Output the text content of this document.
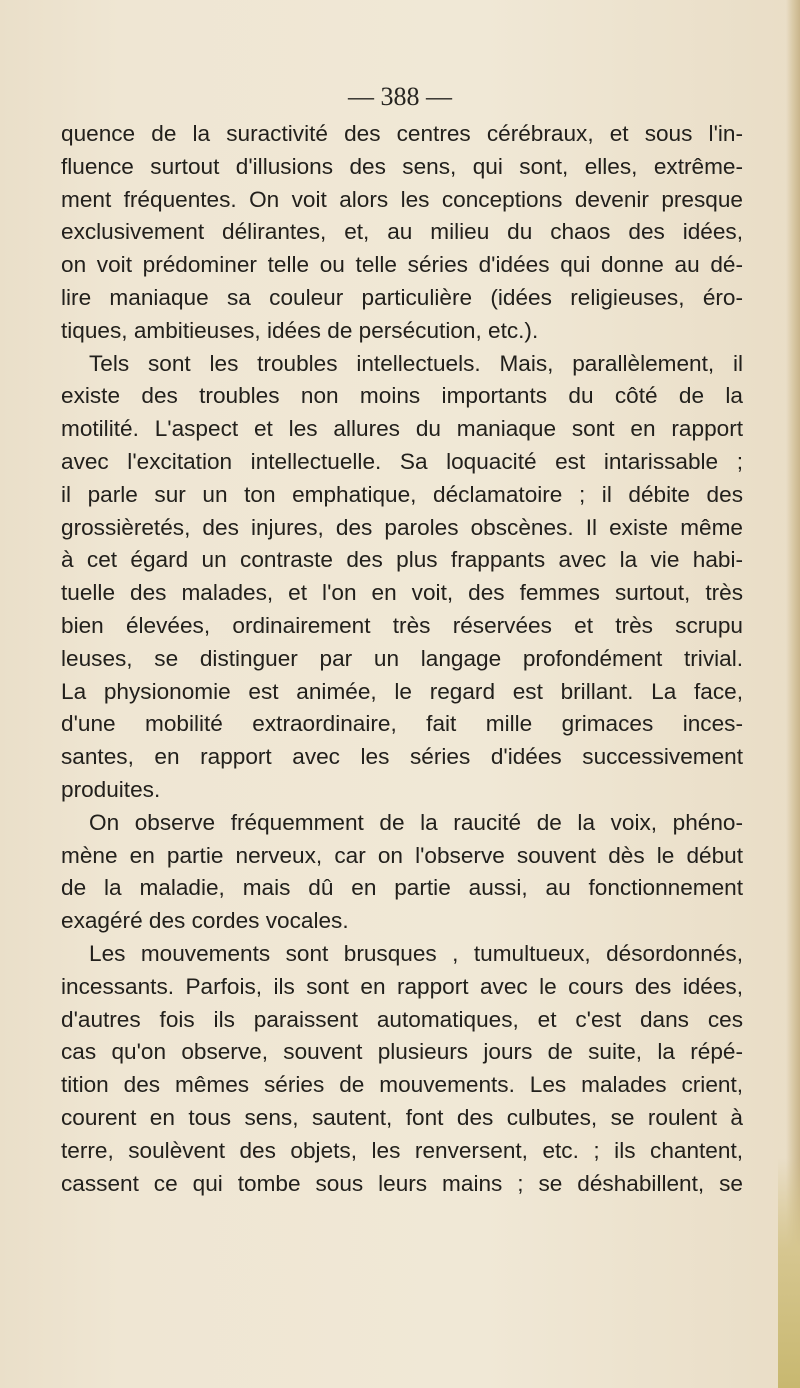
— 388 —
quence de la suractivité des centres cérébraux, et sous l'in-
fluence surtout d'illusions des sens, qui sont, elles, extrême-
ment fréquentes. On voit alors les conceptions devenir presque
exclusivement délirantes, et, au milieu du chaos des idées,
on voit prédominer telle ou telle séries d'idées qui donne au dé-
lire maniaque sa couleur particulière (idées religieuses, éro-
tiques, ambitieuses, idées de persécution, etc.).
Tels sont les troubles intellectuels. Mais, parallèlement, il
existe des troubles non moins importants du côté de la
motilité. L'aspect et les allures du maniaque sont en rapport
avec l'excitation intellectuelle. Sa loquacité est intarissable ;
il parle sur un ton emphatique, déclamatoire ; il débite des
grossièretés, des injures, des paroles obscènes. Il existe même
à cet égard un contraste des plus frappants avec la vie habi-
tuelle des malades, et l'on en voit, des femmes surtout, très
bien élevées, ordinairement très réservées et très scrupu
leuses, se distinguer par un langage profondément trivial.
La physionomie est animée, le regard est brillant. La face,
d'une mobilité extraordinaire, fait mille grimaces inces-
santes, en rapport avec les séries d'idées successivement
produites.
On observe fréquemment de la raucité de la voix, phéno-
mène en partie nerveux, car on l'observe souvent dès le début
de la maladie, mais dû en partie aussi, au fonctionnement
exagéré des cordes vocales.
Les mouvements sont brusques , tumultueux, désordonnés,
incessants. Parfois, ils sont en rapport avec le cours des idées,
d'autres fois ils paraissent automatiques, et c'est dans ces
cas qu'on observe, souvent plusieurs jours de suite, la répé-
tition des mêmes séries de mouvements. Les malades crient,
courent en tous sens, sautent, font des culbutes, se roulent à
terre, soulèvent des objets, les renversent, etc. ; ils chantent,
cassent ce qui tombe sous leurs mains ; se déshabillent, se
